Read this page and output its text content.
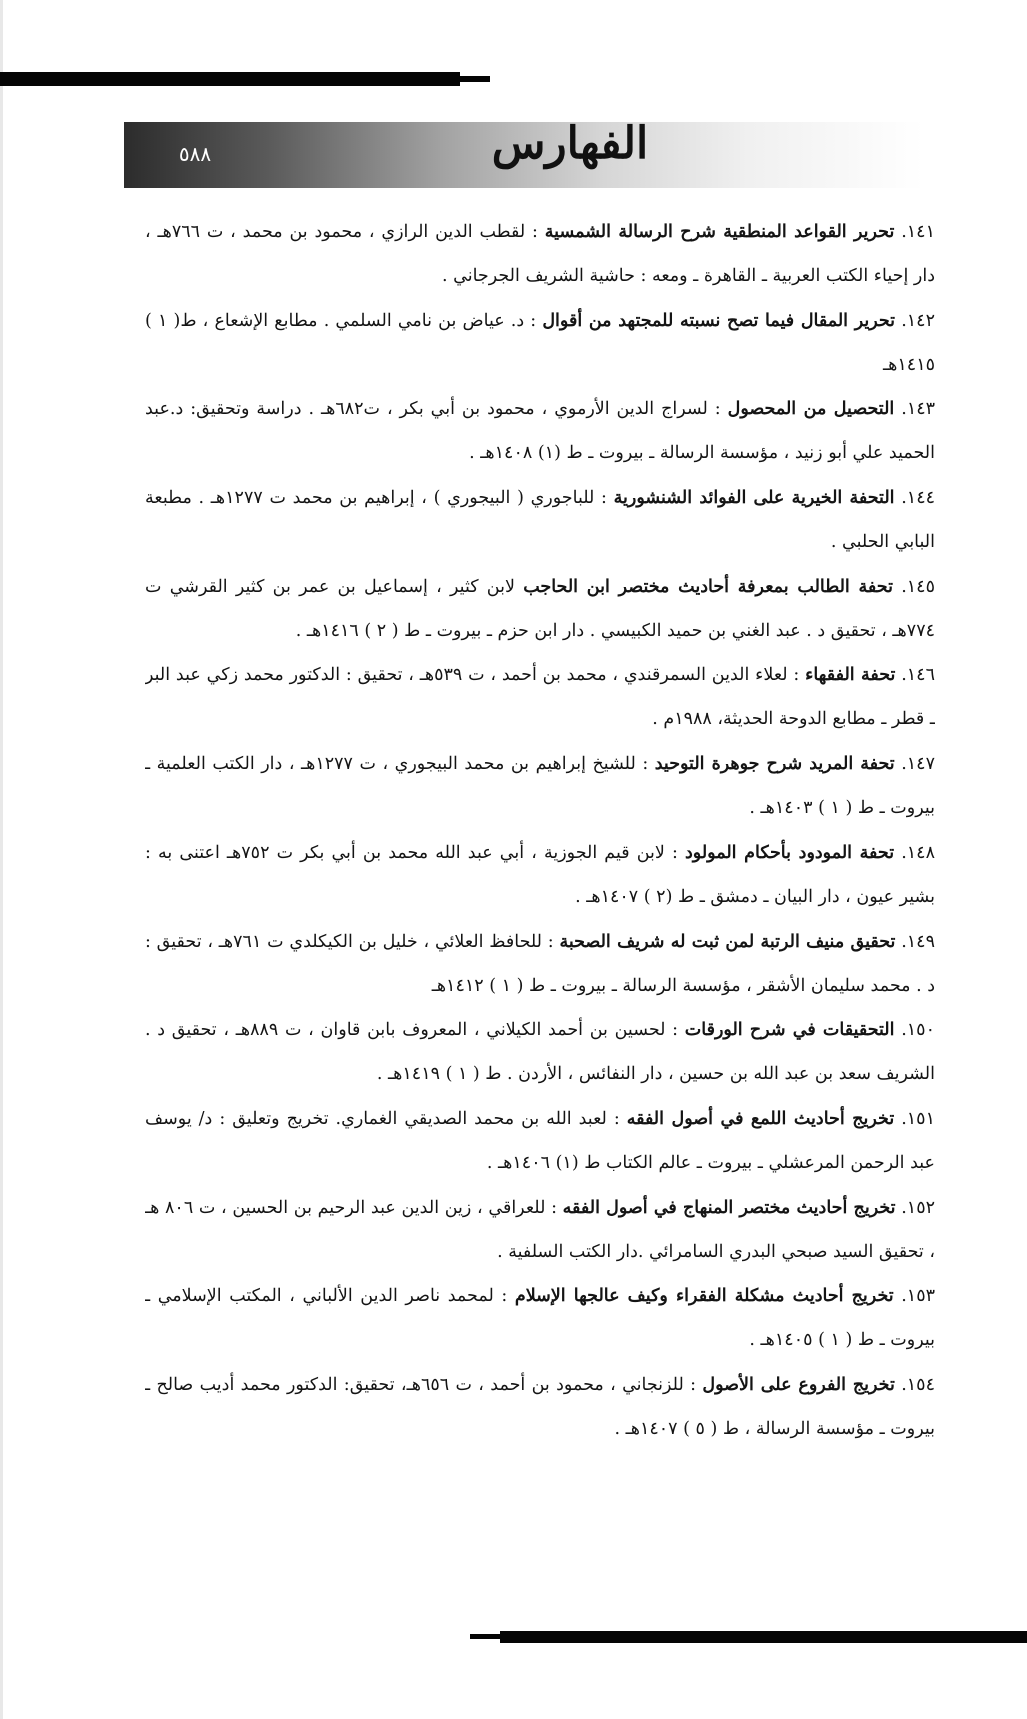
٥٨٨	الفهارس

١٤١. تحرير القواعد المنطقية شرح الرسالة الشمسية : لقطب الدين الرازي ، محمود بن محمد ، ت ٧٦٦هـ ، دار إحياء الكتب العربية ـ القاهرة ـ ومعه : حاشية الشريف الجرجاني .

١٤٢. تحرير المقال فيما تصح نسبته للمجتهد من أقوال : د. عياض بن نامي السلمي . مطابع الإشعاع ، ط( ١ ) ١٤١٥هـ

١٤٣. التحصيل من المحصول : لسراج الدين الأرموي ، محمود بن أبي بكر ، ت٦٨٢هـ . دراسة وتحقيق: د.عبد الحميد علي أبو زنيد ، مؤسسة الرسالة ـ بيروت ـ ط (١) ١٤٠٨هـ .

١٤٤. التحفة الخيرية على الفوائد الشنشورية : للباجوري ( البيجوري ) ، إبراهيم بن محمد ت ١٢٧٧هـ . مطبعة البابي الحلبي .

١٤٥. تحفة الطالب بمعرفة أحاديث مختصر ابن الحاجب لابن كثير ، إسماعيل بن عمر بن كثير القرشي ت ٧٧٤هـ ، تحقيق د . عبد الغني بن حميد الكبيسي . دار ابن حزم ـ بيروت ـ ط ( ٢ ) ١٤١٦هـ .

١٤٦. تحفة الفقهاء : لعلاء الدين السمرقندي ، محمد بن أحمد ، ت ٥٣٩هـ ، تحقيق : الدكتور محمد زكي عبد البر ـ قطر ـ مطابع الدوحة الحديثة، ١٩٨٨م .

١٤٧. تحفة المريد شرح جوهرة التوحيد : للشيخ إبراهيم بن محمد البيجوري ، ت ١٢٧٧هـ ، دار الكتب العلمية ـ بيروت ـ ط ( ١ ) ١٤٠٣هـ .

١٤٨. تحفة المودود بأحكام المولود : لابن قيم الجوزية ، أبي عبد الله محمد بن أبي بكر ت ٧٥٢هـ اعتنى به : بشير عيون ، دار البيان ـ دمشق ـ ط (٢ ) ١٤٠٧هـ .

١٤٩. تحقيق منيف الرتبة لمن ثبت له شريف الصحبة : للحافظ العلائي ، خليل بن الكيكلدي ت ٧٦١هـ ، تحقيق : د . محمد سليمان الأشقر ، مؤسسة الرسالة ـ بيروت ـ ط ( ١ ) ١٤١٢هـ

١٥٠. التحقيقات في شرح الورقات : لحسين بن أحمد الكيلاني ، المعروف بابن قاوان ، ت ٨٨٩هـ ، تحقيق د . الشريف سعد بن عبد الله بن حسين ، دار النفائس ، الأردن . ط ( ١ ) ١٤١٩هـ .

١٥١. تخريج أحاديث اللمع في أصول الفقه : لعبد الله بن محمد الصديقي الغماري. تخريج وتعليق : د/ يوسف عبد الرحمن المرعشلي ـ بيروت ـ عالم الكتاب ط (١) ١٤٠٦هـ .

١٥٢. تخريج أحاديث مختصر المنهاج في أصول الفقه : للعراقي ، زين الدين عبد الرحيم بن الحسين ، ت ٨٠٦ هـ ، تحقيق السيد صبحي البدري السامرائي .دار الكتب السلفية .

١٥٣. تخريج أحاديث مشكلة الفقراء وكيف عالجها الإسلام : لمحمد ناصر الدين الألباني ، المكتب الإسلامي ـ بيروت ـ ط ( ١ ) ١٤٠٥هـ .

١٥٤. تخريج الفروع على الأصول : للزنجاني ، محمود بن أحمد ، ت ٦٥٦هـ، تحقيق: الدكتور محمد أديب صالح ـ بيروت ـ مؤسسة الرسالة ، ط ( ٥ ) ١٤٠٧هـ .
